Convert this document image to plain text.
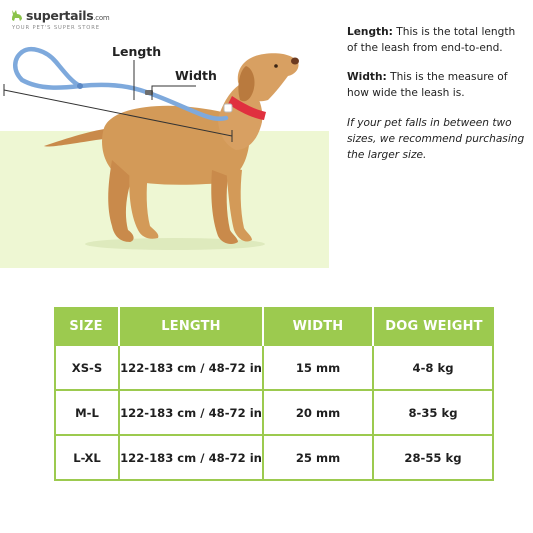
supertails.com
YOUR PET'S SUPER STORE
Length
Width

Length: This is the total length of the leash from end-to-end.

Width: This is the measure of how wide the leash is.

If your pet falls in between two sizes, we recommend purchasing the larger size.

SIZE	LENGTH	WIDTH	DOG WEIGHT
XS-S	122-183 cm / 48-72 in	15 mm	4-8 kg
M-L	122-183 cm / 48-72 in	20 mm	8-35 kg
L-XL	122-183 cm / 48-72 in	25 mm	28-55 kg
